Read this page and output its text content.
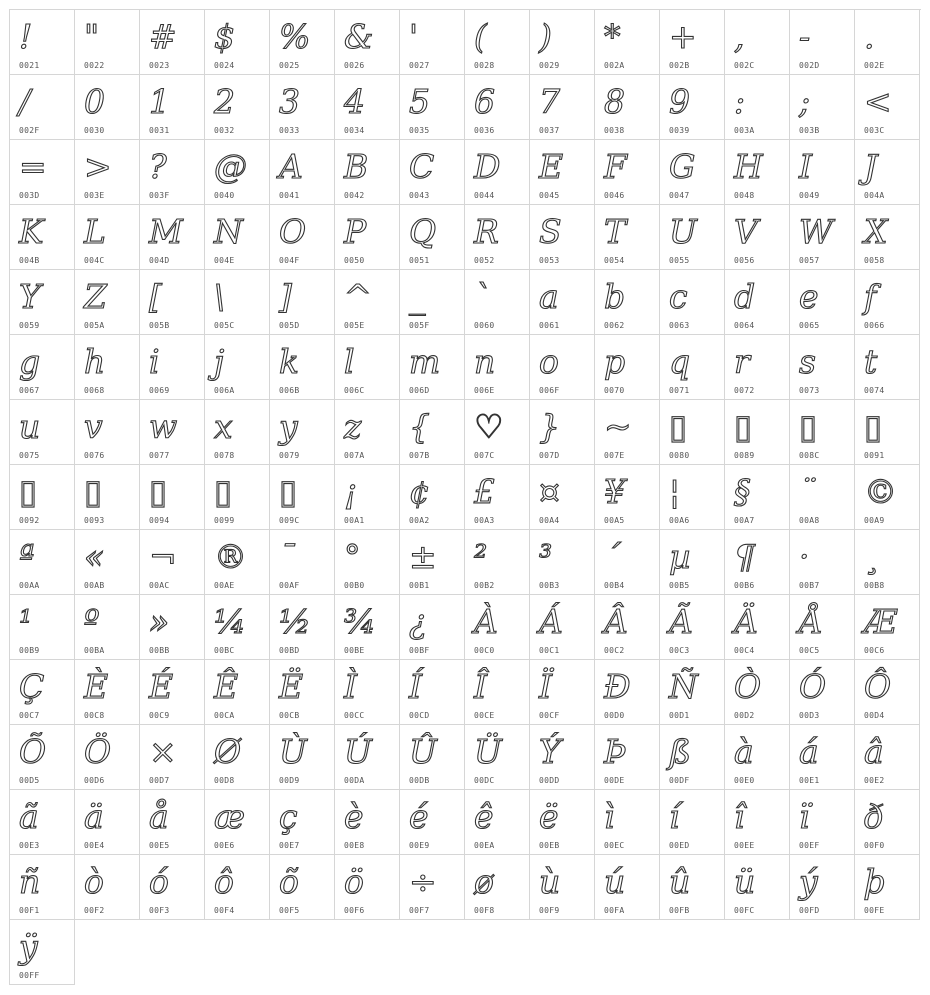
!
0021
"
0022
#
0023
$
0024
%
0025
&
0026
'
0027
(
0028
)
0029
*
002A
+
002B
,
002C
-
002D
.
002E
/
002F
0
0030
1
0031
2
0032
3
0033
4
0034
5
0035
6
0036
7
0037
8
0038
9
0039
:
003A
;
003B
<
003C
=
003D
>
003E
?
003F
@
0040
A
0041
B
0042
C
0043
D
0044
E
0045
F
0046
G
0047
H
0048
I
0049
J
004A
K
004B
L
004C
M
004D
N
004E
O
004F
P
0050
Q
0051
R
0052
S
0053
T
0054
U
0055
V
0056
W
0057
X
0058
Y
0059
Z
005A
[
005B
\
005C
]
005D
^
005E
_
005F
`
0060
a
0061
b
0062
c
0063
d
0064
e
0065
f
0066
g
0067
h
0068
i
0069
j
006A
k
006B
l
006C
m
006D
n
006E
o
006F
p
0070
q
0071
r
0072
s
0073
t
0074
u
0075
v
0076
w
0077
x
0078
y
0079
z
007A
{
007B
♡
007C
}
007D
~
007E
▯
0080
▯
0089
▯
008C
▯
0091
▯
0092
▯
0093
▯
0094
▯
0099
▯
009C
¡
00A1
¢
00A2
£
00A3
¤
00A4
¥
00A5
¦
00A6
§
00A7
¨
00A8
©
00A9
ª
00AA
«
00AB
¬
00AC
®
00AE
¯
00AF
°
00B0
±
00B1
²
00B2
³
00B3
´
00B4
µ
00B5
¶
00B6
·
00B7
¸
00B8
¹
00B9
º
00BA
»
00BB
¼
00BC
½
00BD
¾
00BE
¿
00BF
À
00C0
Á
00C1
Â
00C2
Ã
00C3
Ä
00C4
Å
00C5
Æ
00C6
Ç
00C7
È
00C8
É
00C9
Ê
00CA
Ë
00CB
Ì
00CC
Í
00CD
Î
00CE
Ï
00CF
Ð
00D0
Ñ
00D1
Ò
00D2
Ó
00D3
Ô
00D4
Õ
00D5
Ö
00D6
×
00D7
Ø
00D8
Ù
00D9
Ú
00DA
Û
00DB
Ü
00DC
Ý
00DD
Þ
00DE
ß
00DF
à
00E0
á
00E1
â
00E2
ã
00E3
ä
00E4
å
00E5
æ
00E6
ç
00E7
è
00E8
é
00E9
ê
00EA
ë
00EB
ì
00EC
í
00ED
î
00EE
ï
00EF
ð
00F0
ñ
00F1
ò
00F2
ó
00F3
ô
00F4
õ
00F5
ö
00F6
÷
00F7
ø
00F8
ù
00F9
ú
00FA
û
00FB
ü
00FC
ý
00FD
þ
00FE
ÿ
00FF
